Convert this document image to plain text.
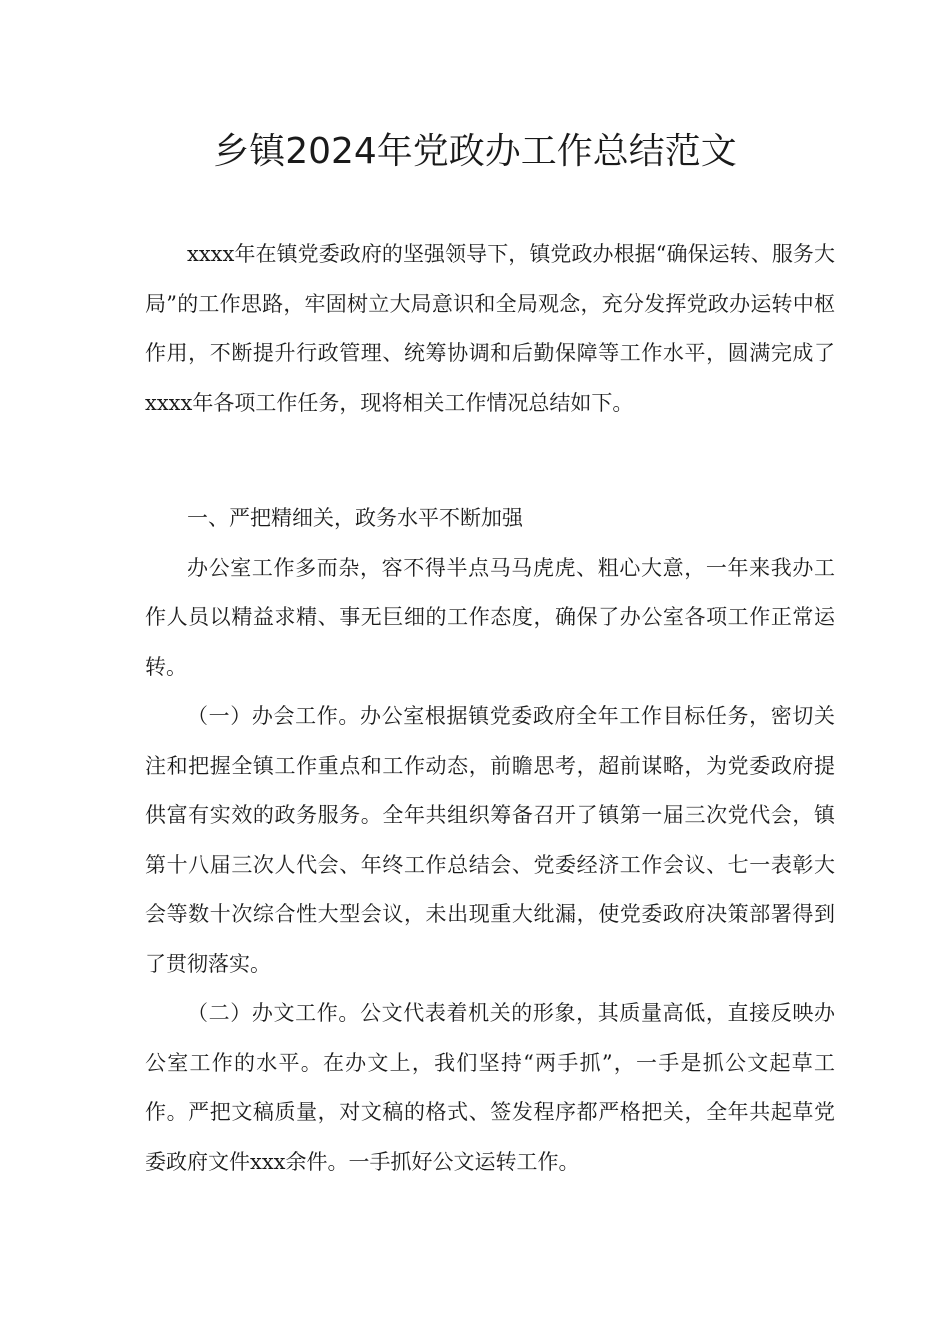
乡镇2024年党政办工作总结范文

xxxx年在镇党委政府的坚强领导下，镇党政办根据“确保运转、服务大局”的工作思路，牢固树立大局意识和全局观念，充分发挥党政办运转中枢作用，不断提升行政管理、统筹协调和后勤保障等工作水平，圆满完成了xxxx年各项工作任务，现将相关工作情况总结如下。

一、严把精细关，政务水平不断加强

办公室工作多而杂，容不得半点马马虎虎、粗心大意，一年来我办工作人员以精益求精、事无巨细的工作态度，确保了办公室各项工作正常运转。

（一）办会工作。办公室根据镇党委政府全年工作目标任务，密切关注和把握全镇工作重点和工作动态，前瞻思考，超前谋略，为党委政府提供富有实效的政务服务。全年共组织筹备召开了镇第一届三次党代会，镇第十八届三次人代会、年终工作总结会、党委经济工作会议、七一表彰大会等数十次综合性大型会议，未出现重大纰漏，使党委政府决策部署得到了贯彻落实。

（二）办文工作。公文代表着机关的形象，其质量高低，直接反映办公室工作的水平。在办文上，我们坚持“两手抓”，一手是抓公文起草工作。严把文稿质量，对文稿的格式、签发程序都严格把关，全年共起草党委政府文件xxx余件。一手抓好公文运转工作。
